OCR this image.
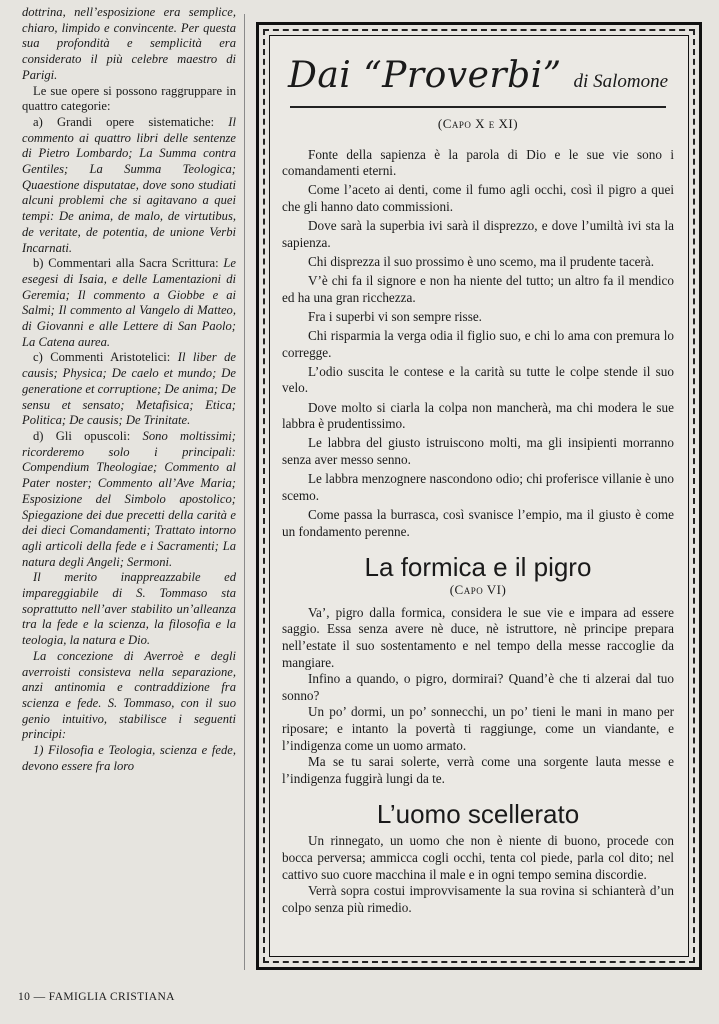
dottrina, nell’esposizione era semplice, chiaro, limpido e convincente. Per questa sua profondità e semplicità era considerato il più celebre maestro di Parigi.

Le sue opere si possono raggruppare in quattro categorie:

a) Grandi opere sistematiche: Il commento ai quattro libri delle sentenze di Pietro Lombardo; La Summa contra Gentiles; La Summa Teologica; Quaestione disputatae, dove sono studiati alcuni problemi che si agitavano a quei tempi: De anima, de malo, de virtutibus, de veritate, de potentia, de unione Verbi Incarnati.

b) Commentari alla Sacra Scrittura: Le esegesi di Isaia, e delle Lamentazioni di Geremia; Il commento a Giobbe e ai Salmi; Il commento al Vangelo di Matteo, di Giovanni e alle Lettere di San Paolo; La Catena aurea.

c) Commenti Aristotelici: Il liber de causis; Physica; De caelo et mundo; De generatione et corruptione; De anima; De sensu et sensato; Metafisica; Etica; Politica; De causis; De Trinitate.

d) Gli opuscoli: Sono moltissimi; ricorderemo solo i principali: Compendium Theologiae; Commento al Pater noster; Commento all’Ave Maria; Esposizione del Simbolo apostolico; Spiegazione dei due precetti della carità e dei dieci Comandamenti; Trattato intorno agli articoli della fede e i Sacramenti; La natura degli Angeli; Sermoni.

Il merito inappreazzabile ed impareggiabile di S. Tommaso sta soprattutto nell’aver stabilito un’alleanza tra la fede e la scienza, la filosofia e la teologia, la natura e Dio.

La concezione di Averroè e degli averroisti consisteva nella separazione, anzi antinomia e contraddizione fra scienza e fede. S. Tommaso, con il suo genio intuitivo, stabilisce i seguenti principi:

1) Filosofia e Teologia, scienza e fede, devono essere fra loro

Dai “Proverbi” di Salomone
(Capo X e XI)

Fonte della sapienza è la parola di Dio e le sue vie sono i comandamenti eterni.

Come l’aceto ai denti, come il fumo agli occhi, così il pigro a quei che gli hanno dato commissioni.

Dove sarà la superbia ivi sarà il disprezzo, e dove l’umiltà ivi sta la sapienza.

Chi disprezza il suo prossimo è uno scemo, ma il prudente tacerà.

V’è chi fa il signore e non ha niente del tutto; un altro fa il mendico ed ha una gran ricchezza.

Fra i superbi vi son sempre risse.

Chi risparmia la verga odia il figlio suo, e chi lo ama con premura lo corregge.

L’odio suscita le contese e la carità su tutte le colpe stende il suo velo.

Dove molto si ciarla la colpa non mancherà, ma chi modera le sue labbra è prudentissimo.

Le labbra del giusto istruiscono molti, ma gli insipienti morranno senza aver messo senno.

Le labbra menzognere nascondono odio; chi proferisce villanie è uno scemo.

Come passa la burrasca, così svanisce l’empio, ma il giusto è come un fondamento perenne.

La formica e il pigro
(Capo VI)

Va’, pigro dalla formica, considera le sue vie e impara ad essere saggio. Essa senza avere nè duce, nè istruttore, nè principe prepara nell’estate il suo sostentamento e nel tempo della messe raccoglie da mangiare.

Infino a quando, o pigro, dormirai? Quand’è che ti alzerai dal tuo sonno?

Un po’ dormi, un po’ sonnecchi, un po’ tieni le mani in mano per riposare; e intanto la povertà ti raggiunge, come un viandante, e l’indigenza come un uomo armato.

Ma se tu sarai solerte, verrà come una sorgente lauta messe e l’indigenza fuggirà lungi da te.

L’uomo scellerato

Un rinnegato, un uomo che non è niente di buono, procede con bocca perversa; ammicca cogli occhi, tenta col piede, parla col dito; nel cattivo suo cuore macchina il male e in ogni tempo semina discordie.

Verrà sopra costui improvvisamente la sua rovina si schianterà d’un colpo senza più rimedio.

10 — FAMIGLIA CRISTIANA
